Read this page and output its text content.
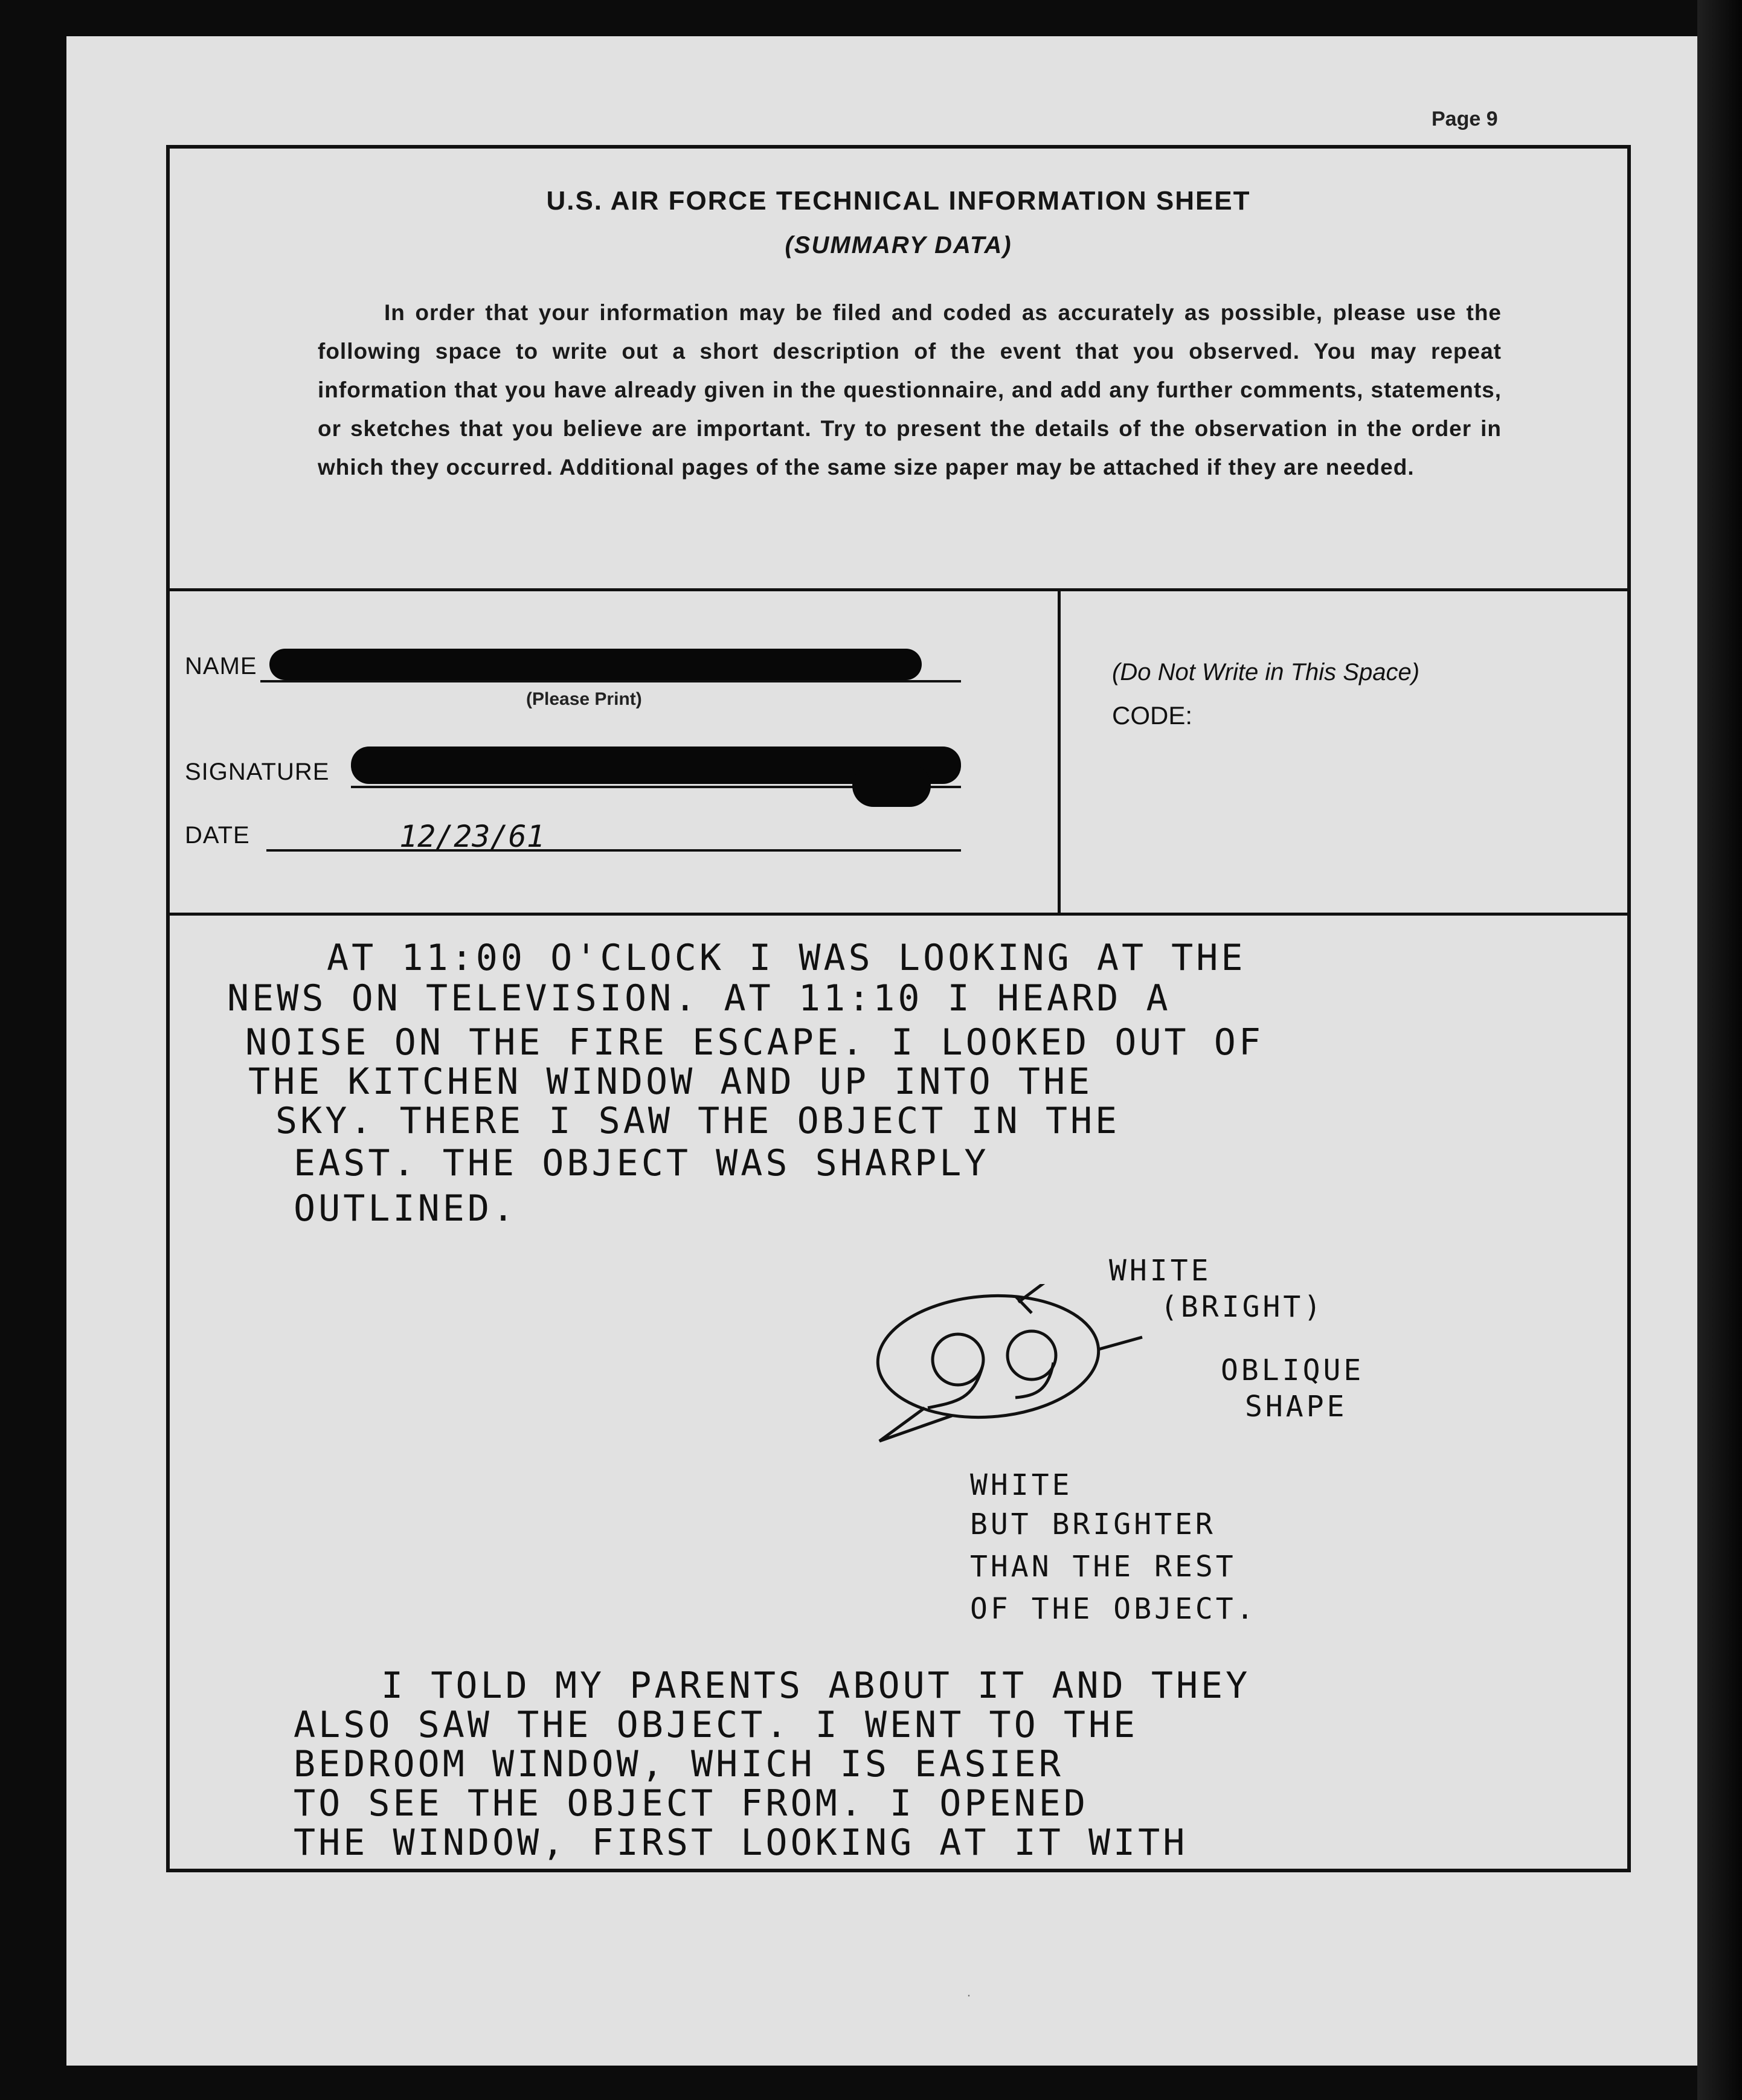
Page 9
U.S. AIR FORCE TECHNICAL INFORMATION SHEET
(SUMMARY DATA)
In order that your information may be filed and coded as accurately as possible, please use the following space to write out a short description of the event that you observed. You may repeat information that you have already given in the questionnaire, and add any further comments, statements, or sketches that you believe are important. Try to present the details of the observation in the order in which they occurred. Additional pages of the same size paper may be attached if they are needed.
NAME
(Please Print)
SIGNATURE
DATE	12/23/61
(Do Not Write in This Space)
CODE:
AT 11:00 O'CLOCK I WAS LOOKING AT THE
NEWS ON TELEVISION. AT 11:10 I HEARD A
NOISE ON THE FIRE ESCAPE. I LOOKED OUT OF
THE KITCHEN WINDOW AND UP INTO THE
SKY. THERE I SAW THE OBJECT IN THE
EAST. THE OBJECT WAS SHARPLY
OUTLINED.
WHITE
(BRIGHT)
OBLIQUE
SHAPE
WHITE
BUT BRIGHTER
THAN THE REST
OF THE OBJECT.
I TOLD MY PARENTS ABOUT IT AND THEY
ALSO SAW THE OBJECT. I WENT TO THE
BEDROOM WINDOW, WHICH IS EASIER
TO SEE THE OBJECT FROM. I OPENED
THE WINDOW, FIRST LOOKING AT IT WITH
·
